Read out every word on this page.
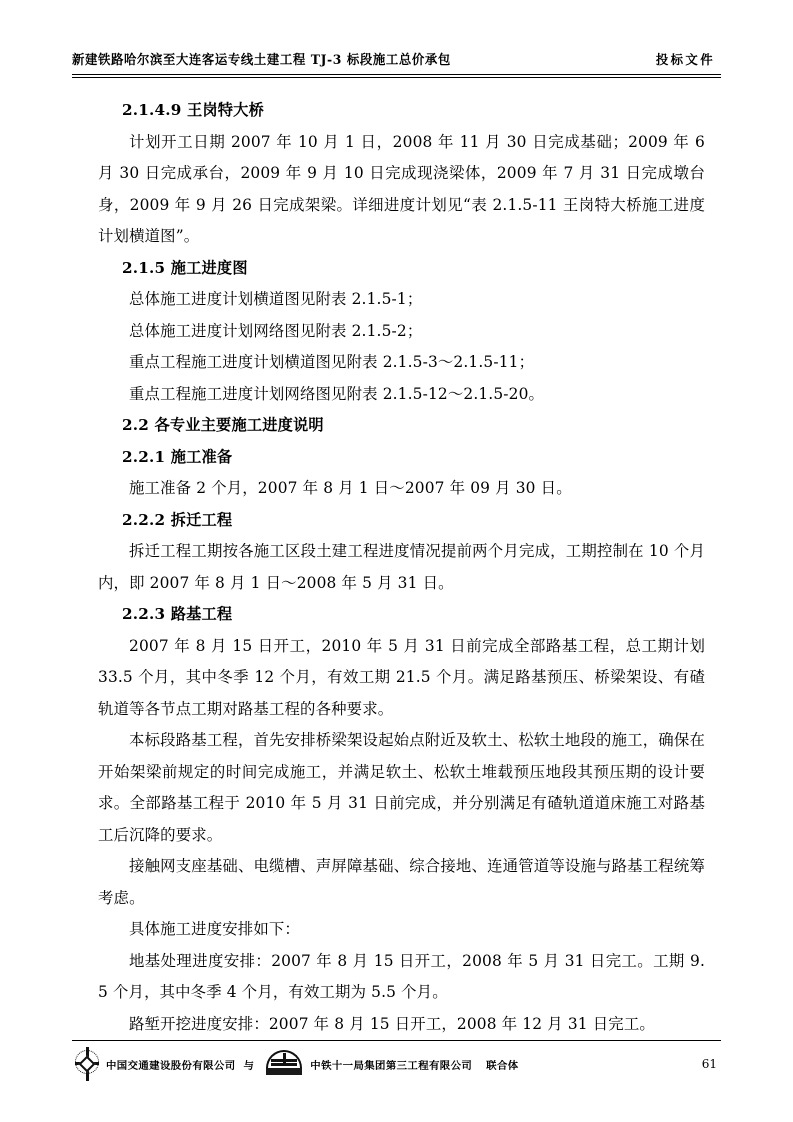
新建铁路哈尔滨至大连客运专线土建工程 TJ-3 标段施工总价承包	投标文件
2.1.4.9 王岗特大桥

计划开工日期 2007 年 10 月 1 日，2008 年 11 月 30 日完成基础；2009 年 6 月 30 日完成承台，2009 年 9 月 10 日完成现浇梁体，2009 年 7 月 31 日完成墩台身，2009 年 9 月 26 日完成架梁。详细进度计划见“表 2.1.5-11 王岗特大桥施工进度计划横道图”。

2.1.5 施工进度图

总体施工进度计划横道图见附表 2.1.5-1；

总体施工进度计划网络图见附表 2.1.5-2；

重点工程施工进度计划横道图见附表 2.1.5-3～2.1.5-11；

重点工程施工进度计划网络图见附表 2.1.5-12～2.1.5-20。

2.2 各专业主要施工进度说明
2.2.1 施工准备

施工准备 2 个月，2007 年 8 月 1 日～2007 年 09 月 30 日。

2.2.2 拆迁工程

拆迁工程工期按各施工区段土建工程进度情况提前两个月完成，工期控制在 10 个月内，即 2007 年 8 月 1 日～2008 年 5 月 31 日。

2.2.3 路基工程

2007 年 8 月 15 日开工，2010 年 5 月 31 日前完成全部路基工程，总工期计划 33.5 个月，其中冬季 12 个月，有效工期 21.5 个月。满足路基预压、桥梁架设、有碴轨道等各节点工期对路基工程的各种要求。

本标段路基工程，首先安排桥梁架设起始点附近及软土、松软土地段的施工，确保在开始架梁前规定的时间完成施工，并满足软土、松软土堆载预压地段其预压期的设计要求。全部路基工程于 2010 年 5 月 31 日前完成，并分别满足有碴轨道道床施工对路基工后沉降的要求。

接触网支座基础、电缆槽、声屏障基础、综合接地、连通管道等设施与路基工程统筹考虑。

具体施工进度安排如下：

地基处理进度安排：2007 年 8 月 15 日开工，2008 年 5 月 31 日完工。工期 9.5 个月，其中冬季 4 个月，有效工期为 5.5 个月。

路堑开挖进度安排：2007 年 8 月 15 日开工，2008 年 12 月 31 日完工。

中国交通建设股份有限公司 与	中铁十一局集团第三工程有限公司	联合体	61
